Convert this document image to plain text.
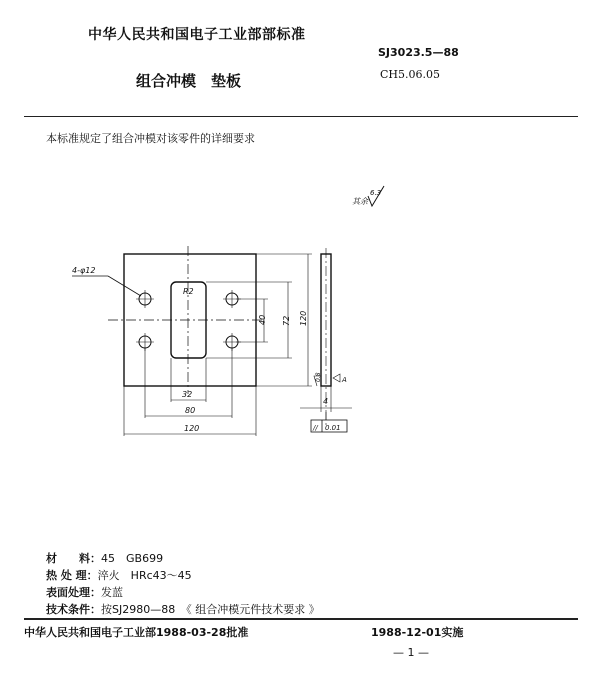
中华人民共和国电子工业部部标准
SJ3023.5—88
组合冲模　垫板	CH5.06.05
本标准规定了组合冲模对该零件的详细要求
其余
6.3
R2
4-φ12
32
80
120
40 72 120
4
0.8	A
// 0.01
材　　料：45　GB699
热 处 理：淬火　HRc43～45
表面处理：发蓝
技术条件：按SJ2980—88　《 组合冲模元件技术要求 》
中华人民共和国电子工业部1988-03-28批准	1988-12-01实施
— 1 —
